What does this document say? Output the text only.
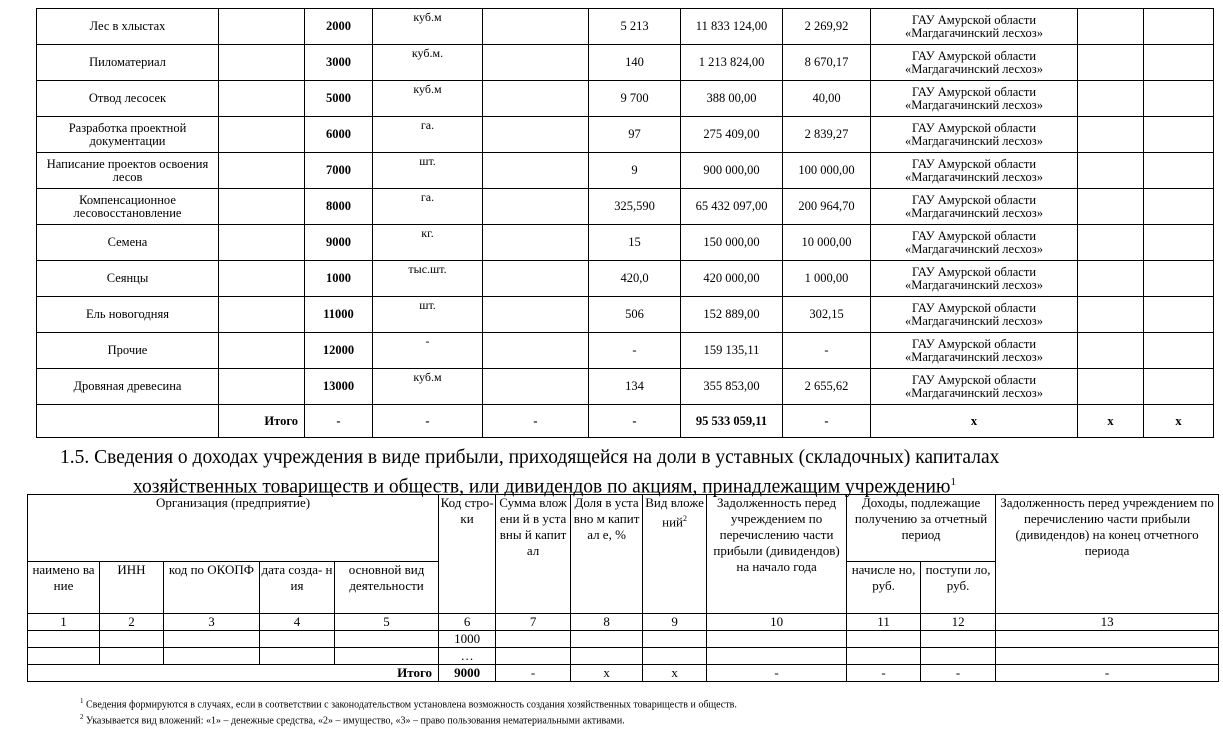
Лес в хлыстах		2000	куб.м		5 213	11 833 124,00	2 269,92	ГАУ Амурской области
«Магдагачинский лесхоз»		

Пиломатериал		3000	куб.м.		140	1 213 824,00	8 670,17	ГАУ Амурской области
«Магдагачинский лесхоз»		

Отвод лесосек		5000	куб.м		9 700	388 00,00	40,00	ГАУ Амурской области
«Магдагачинский лесхоз»		

Разработка проектной документации		6000	га.		97	275 409,00	2 839,27	ГАУ Амурской области
«Магдагачинский лесхоз»		

Написание проектов освоения лесов		7000	шт.		9	900 000,00	100 000,00	ГАУ Амурской области
«Магдагачинский лесхоз»		

Компенсационное лесовосстановление		8000	га.		325,590	65 432 097,00	200 964,70	ГАУ Амурской области
«Магдагачинский лесхоз»		

Семена		9000	кг.		15	150 000,00	10 000,00	ГАУ Амурской области
«Магдагачинский лесхоз»		

Сеянцы		1000	тыс.шт.		420,0	420 000,00	1 000,00	ГАУ Амурской области
«Магдагачинский лесхоз»		

Ель новогодняя		11000	шт.		506	152 889,00	302,15	ГАУ Амурской области
«Магдагачинский лесхоз»		

Прочие		12000	-		-	159 135,11	-	ГАУ Амурской области
«Магдагачинский лесхоз»		

Дровяная древесина		13000	куб.м		134	355 853,00	2 655,62	ГАУ Амурской области
«Магдагачинский лесхоз»		

	Итого	-	-	-	-	95 533 059,11	-	х	х	х
1.5. Сведения о доходах учреждения в виде прибыли, приходящейся на доли в уставных (складочных) капиталах
хозяйственных товариществ и обществ, или дивидендов по акциям, принадлежащим учреждению$^1$
Организация (предприятие)					Код стро- ки	Сумма вложени й в уставны й капитал	Доля в уставно м капитал е, %	Вид вложе ний$^2$	Задолженность перед учреждением по перечислению части прибыли (дивидендов) на начало года	Доходы, подлежащие получению за отчетный период		Задолженность перед учреждением по перечислению части прибыли (дивидендов) на конец отчетного периода
наимено вание	ИНН	код по ОКОПФ	дата созда- ния	основной вид деятельности						начисле но, руб.	поступи ло, руб.	
1	2	3	4	5	6	7	8	9	10	11	12	13
					1000							
					…							
Итого					9000	-	х	х	-	-	-	-
$^1$ Сведения формируются в случаях, если в соответствии с законодательством установлена возможность создания хозяйственных товариществ и обществ.
$^2$ Указывается вид вложений: «1» – денежные средства, «2» – имущество, «3» – право пользования нематериальными активами.
